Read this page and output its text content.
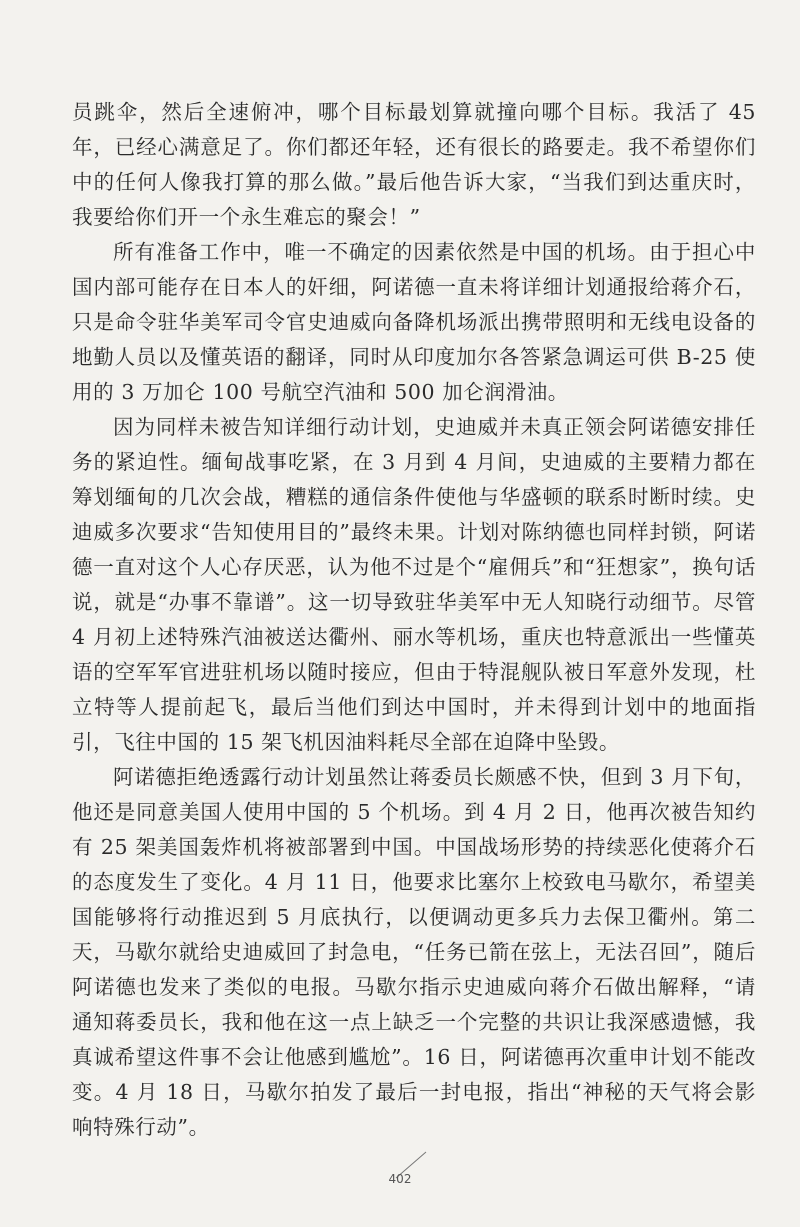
员跳伞，然后全速俯冲，哪个目标最划算就撞向哪个目标。我活了 45 年，已经心满意足了。你们都还年轻，还有很长的路要走。我不希望你们中的任何人像我打算的那么做。”最后他告诉大家，“当我们到达重庆时，我要给你们开一个永生难忘的聚会！”

所有准备工作中，唯一不确定的因素依然是中国的机场。由于担心中国内部可能存在日本人的奸细，阿诺德一直未将详细计划通报给蒋介石，只是命令驻华美军司令官史迪威向备降机场派出携带照明和无线电设备的地勤人员以及懂英语的翻译，同时从印度加尔各答紧急调运可供 B-25 使用的 3 万加仑 100 号航空汽油和 500 加仑润滑油。

因为同样未被告知详细行动计划，史迪威并未真正领会阿诺德安排任务的紧迫性。缅甸战事吃紧，在 3 月到 4 月间，史迪威的主要精力都在筹划缅甸的几次会战，糟糕的通信条件使他与华盛顿的联系时断时续。史迪威多次要求“告知使用目的”最终未果。计划对陈纳德也同样封锁，阿诺德一直对这个人心存厌恶，认为他不过是个“雇佣兵”和“狂想家”，换句话说，就是“办事不靠谱”。这一切导致驻华美军中无人知晓行动细节。尽管 4 月初上述特殊汽油被送达衢州、丽水等机场，重庆也特意派出一些懂英语的空军军官进驻机场以随时接应，但由于特混舰队被日军意外发现，杜立特等人提前起飞，最后当他们到达中国时，并未得到计划中的地面指引，飞往中国的 15 架飞机因油料耗尽全部在迫降中坠毁。

阿诺德拒绝透露行动计划虽然让蒋委员长颇感不快，但到 3 月下旬，他还是同意美国人使用中国的 5 个机场。到 4 月 2 日，他再次被告知约有 25 架美国轰炸机将被部署到中国。中国战场形势的持续恶化使蒋介石的态度发生了变化。4 月 11 日，他要求比塞尔上校致电马歇尔，希望美国能够将行动推迟到 5 月底执行，以便调动更多兵力去保卫衢州。第二天，马歇尔就给史迪威回了封急电，“任务已箭在弦上，无法召回”，随后阿诺德也发来了类似的电报。马歇尔指示史迪威向蒋介石做出解释，“请通知蒋委员长，我和他在这一点上缺乏一个完整的共识让我深感遗憾，我真诚希望这件事不会让他感到尴尬”。16 日，阿诺德再次重申计划不能改变。4 月 18 日，马歇尔拍发了最后一封电报，指出“神秘的天气将会影响特殊行动”。

402
